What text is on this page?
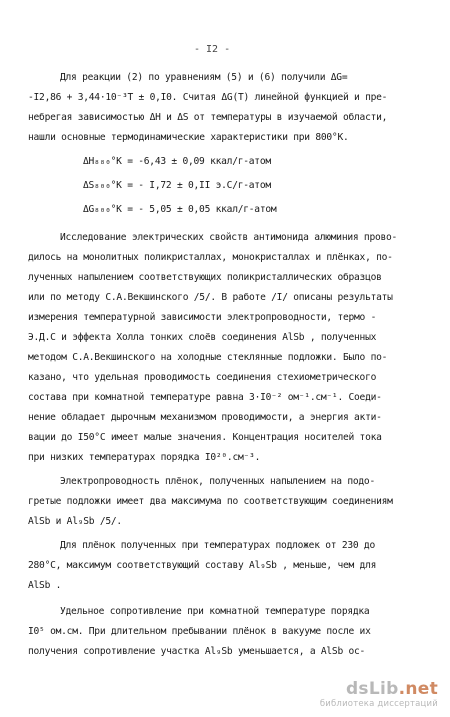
- I2 -
Для реакции (2) по уравнениям (5) и (6) получили ΔG=
-I2,86 + 3,44·10⁻³T ± 0,I0. Считая ΔG(T) линейной функцией и пре-
небрегая зависимостью ΔH и ΔS от температуры в изучаемой области,
нашли основные термодинамические характеристики при 800°K.
ΔH₈₈₀°K = -6,43 ± 0,09 ккал/г-атом
ΔS₈₀₀°K = - I,72 ± 0,II э.С/г-атом
ΔG₈₀₀°K = - 5,05 ± 0,05 ккал/г-атом
Исследование электрических свойств антимонида алюминия прово-
дилось на монолитных поликристаллах, монокристаллах и плёнках, по-
лученных напылением соответствующих поликристаллических образцов
или по методу С.А.Векшинского /5/. В работе /I/ описаны результаты
измерения температурной зависимости электропроводности, термо -
Э.Д.С и эффекта Холла тонких слоёв соединения AlSb , полученных
методом С.А.Векшинского на холодные стеклянные подложки. Было по-
казано, что удельная проводимость соединения стехиометрического
состава при комнатной температуре равна 3·I0⁻² ом⁻¹.см⁻¹. Соеди-
нение обладает дырочным механизмом проводимости, а энергия акти-
вации до I50°С имеет малые значения. Концентрация носителей тока
при низких температурах порядка I0²⁰.см⁻³.
Электропроводность плёнок, полученных напылением на подо-
гретые подложки имеет два максимума по соответствующим соединениям
AlSb и Al₉Sb /5/.
Для плёнок полученных при температурах подложек от 230 до
280°С, максимум соответствующий составу Al₉Sb , меньше, чем для
AlSb .
Удельное сопротивление при комнатной температуре порядка
I0⁵ ом.см. При длительном пребывании плёнок в вакууме после их
получения сопротивление участка Al₉Sb уменьшается, а AlSb ос-
dsLib.net
библиотека диссертаций
